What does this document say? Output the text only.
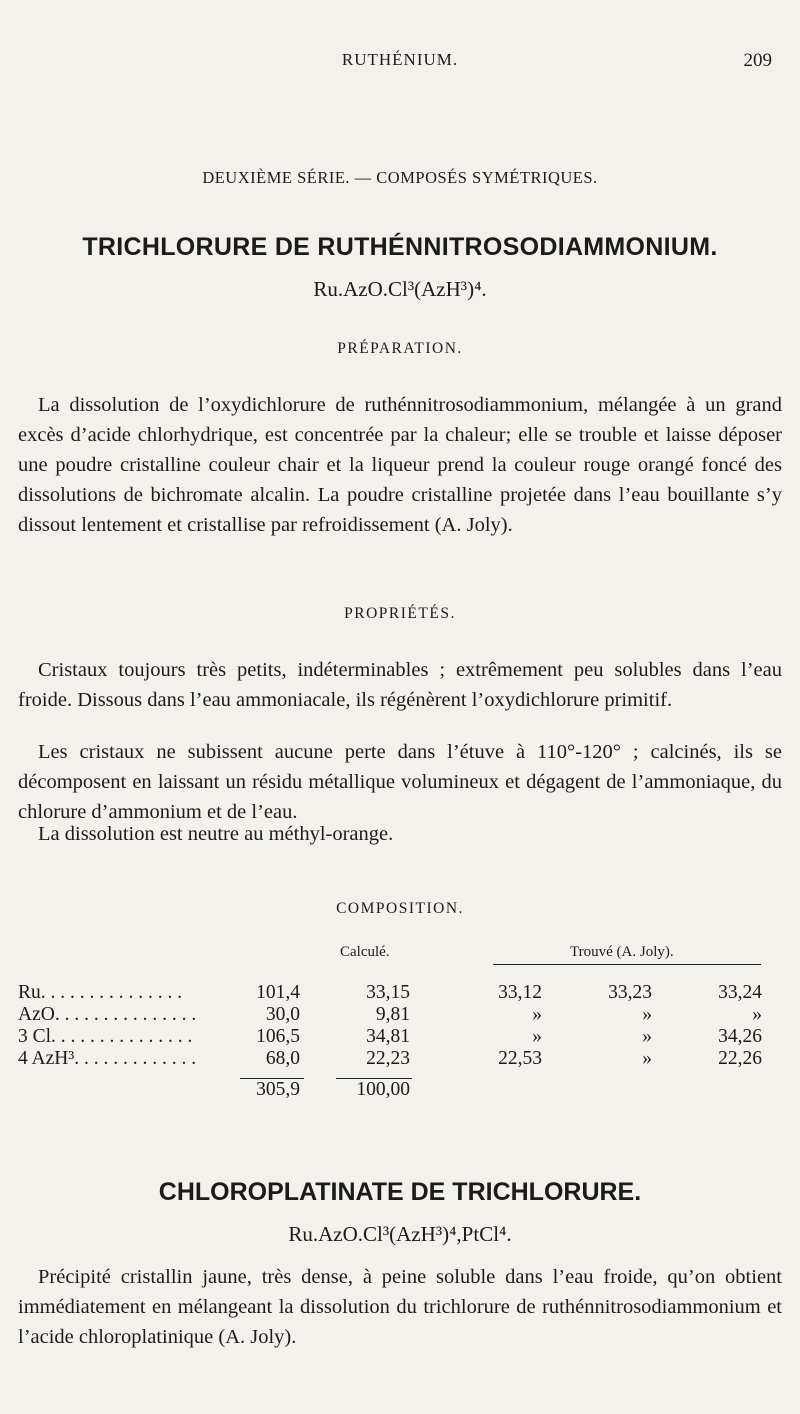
RUTHÉNIUM.	209
DEUXIÈME SÉRIE. — COMPOSÉS SYMÉTRIQUES.
TRICHLORURE DE RUTHÉNNITROSODIAMMONIUM.
Ru.AzO.Cl³(AzH³)⁴.
PRÉPARATION.

La dissolution de l’oxydichlorure de ruthénnitrosodiammonium, mélangée à un grand excès d’acide chlorhydrique, est concentrée par la chaleur; elle se trouble et laisse déposer une poudre cristalline couleur chair et la liqueur prend la couleur rouge orangé foncé des dissolutions de bichromate alcalin. La poudre cristalline projetée dans l’eau bouillante s’y dissout lentement et cristallise par refroidissement (A. Joly).

PROPRIÉTÉS.

Cristaux toujours très petits, indéterminables ; extrêmement peu solubles dans l’eau froide. Dissous dans l’eau ammoniacale, ils régénèrent l’oxydichlorure primitif.

Les cristaux ne subissent aucune perte dans l’étuve à 110°-120° ; calcinés, ils se décomposent en laissant un résidu métallique volumineux et dégagent de l’ammoniaque, du chlorure d’ammonium et de l’eau.

La dissolution est neutre au méthyl-orange.

COMPOSITION.
Calculé.	Trouvé (A. Joly).
Ru. . . . . . . . . . . . . . .	101,4	33,15	33,12	33,23	33,24
AzO. . . . . . . . . . . . . . .	30,0	9,81	»	»	»
3 Cl. . . . . . . . . . . . . . .	106,5	34,81	»	»	34,26
4 AzH³. . . . . . . . . . . . .	68,0	22,23	22,53	»	22,26
305,9	100,00
CHLOROPLATINATE DE TRICHLORURE.
Ru.AzO.Cl³(AzH³)⁴,PtCl⁴.

Précipité cristallin jaune, très dense, à peine soluble dans l’eau froide, qu’on obtient immédiatement en mélangeant la dissolution du trichlorure de ruthénnitrosodiammonium et l’acide chloroplatinique (A. Joly).
